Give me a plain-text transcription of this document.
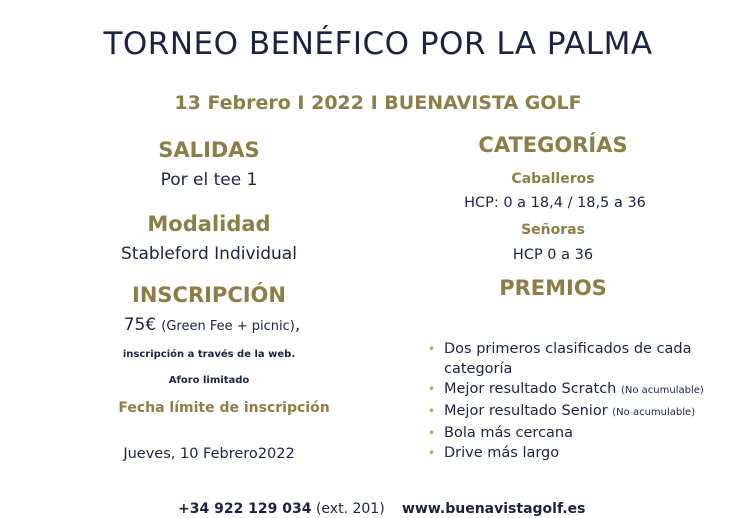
TORNEO BENÉFICO POR LA PALMA
13 Febrero I 2022 I BUENAVISTA GOLF
SALIDAS
Por el tee 1
Modalidad
Stableford Individual
INSCRIPCIÓN
75€ (Green Fee + picnic),
inscripción a través de la web.
Aforo limitado
Fecha límite de inscripción
Jueves, 10 Febrero2022
CATEGORÍAS
Caballeros
HCP: 0 a 18,4 / 18,5 a 36
Señoras
HCP 0 a 36
PREMIOS
• Dos primeros clasificados de cada
categoría
• Mejor resultado Scratch (No acumulable)
• Mejor resultado Senior (No acumulable)
• Bola más cercana
• Drive más largo
+34 922 129 034 (ext. 201) www.buenavistagolf.es
